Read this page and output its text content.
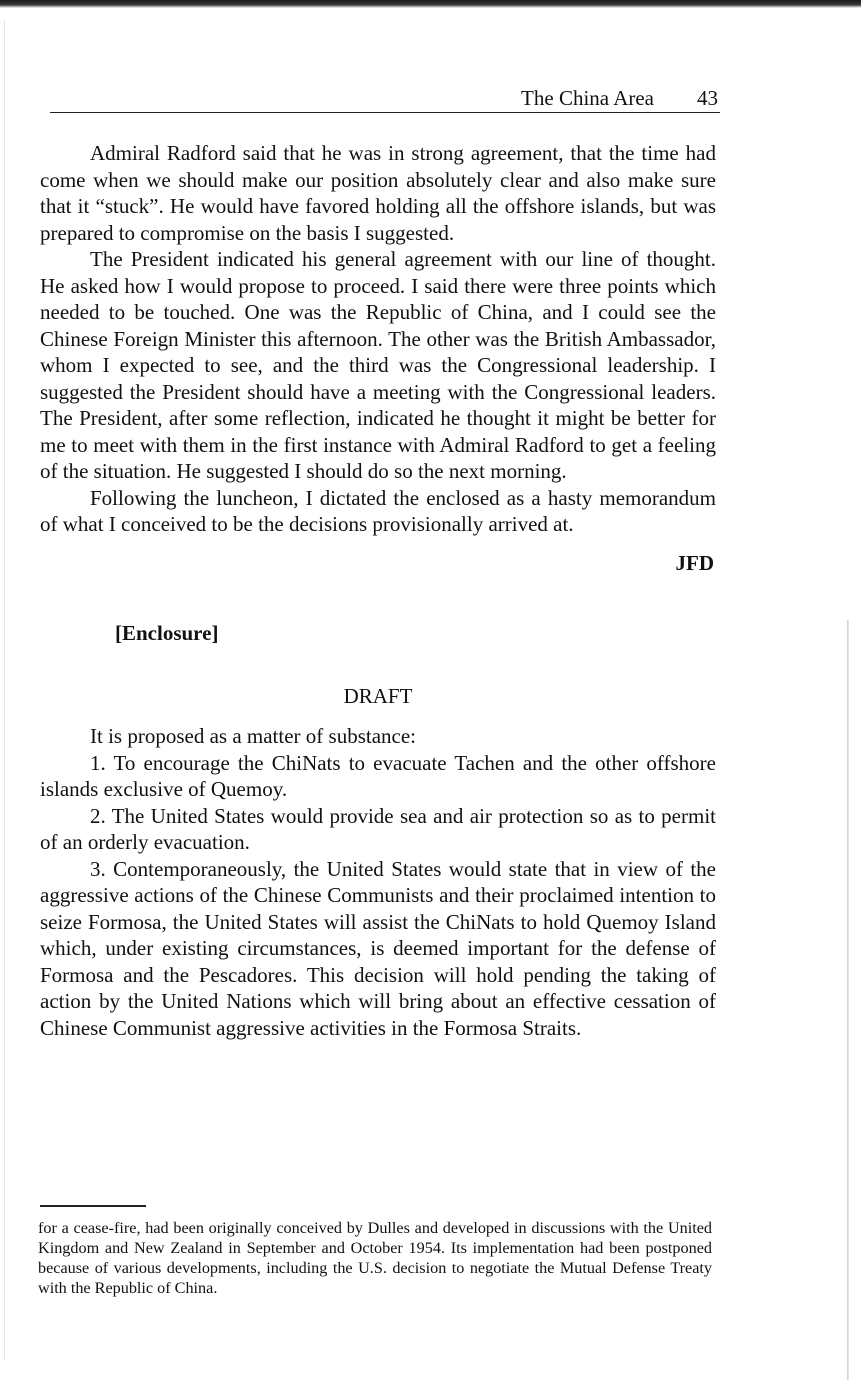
The China Area 43

Admiral Radford said that he was in strong agreement, that the time had come when we should make our position absolutely clear and also make sure that it “stuck”. He would have favored holding all the offshore islands, but was prepared to compromise on the basis I suggested.

The President indicated his general agreement with our line of thought. He asked how I would propose to proceed. I said there were three points which needed to be touched. One was the Republic of China, and I could see the Chinese Foreign Minister this afternoon. The other was the British Ambassador, whom I expected to see, and the third was the Congressional leadership. I suggested the President should have a meeting with the Congressional leaders. The President, after some reflection, indicated he thought it might be better for me to meet with them in the first instance with Admiral Radford to get a feeling of the situation. He suggested I should do so the next morning.

Following the luncheon, I dictated the enclosed as a hasty memorandum of what I conceived to be the decisions provisionally arrived at.

JFD
[Enclosure]
DRAFT

It is proposed as a matter of substance:

1. To encourage the ChiNats to evacuate Tachen and the other offshore islands exclusive of Quemoy.

2. The United States would provide sea and air protection so as to permit of an orderly evacuation.

3. Contemporaneously, the United States would state that in view of the aggressive actions of the Chinese Communists and their proclaimed intention to seize Formosa, the United States will assist the ChiNats to hold Quemoy Island which, under existing circumstances, is deemed important for the defense of Formosa and the Pescadores. This decision will hold pending the taking of action by the United Nations which will bring about an effective cessation of Chinese Communist aggressive activities in the Formosa Straits.

for a cease-fire, had been originally conceived by Dulles and developed in discussions with the United Kingdom and New Zealand in September and October 1954. Its implementation had been postponed because of various developments, including the U.S. decision to negotiate the Mutual Defense Treaty with the Republic of China.
